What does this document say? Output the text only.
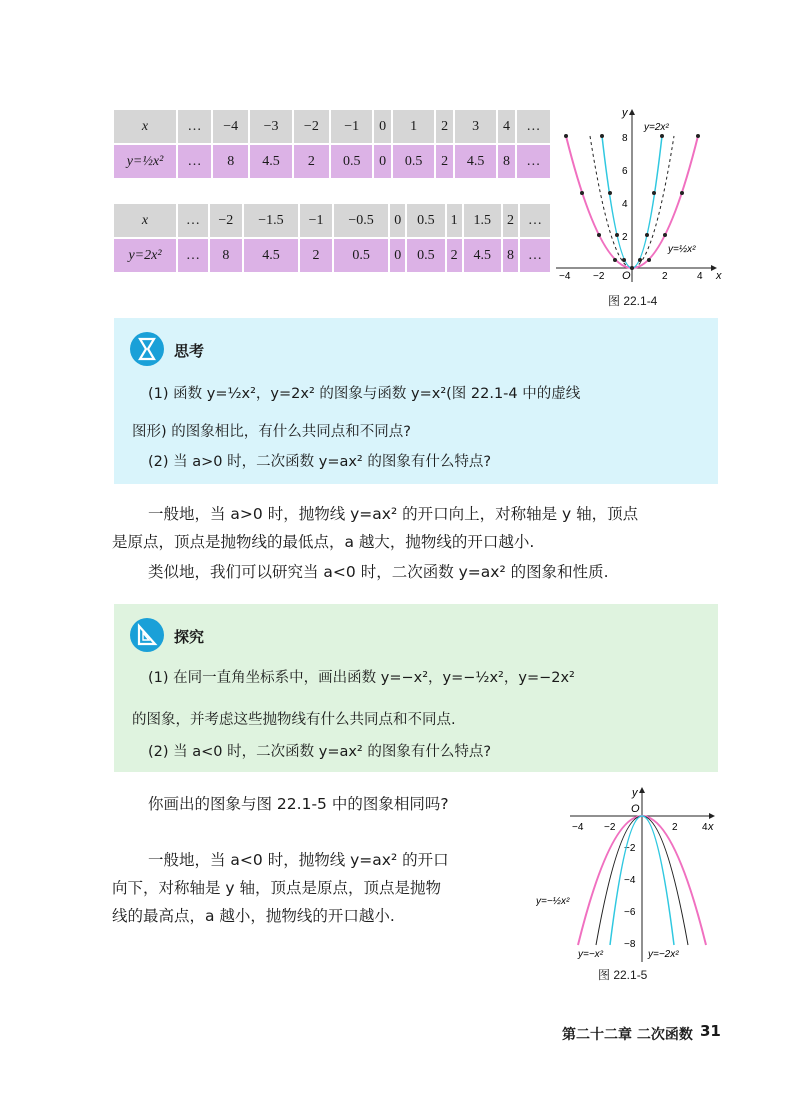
x	…	−4	−3	−2	−1	0	1	2	3	4	…
y=½x²	…	8	4.5	2	0.5	0	0.5	2	4.5	8	…
x	…	−2	−1.5	−1	−0.5	0	0.5	1	1.5	2	…
y=2x²	…	8	4.5	2	0.5	0	0.5	2	4.5	8	…
x
y
O
−4 −2	2	4
2
4
6
8
y=2x²
y=½x²
图 22.1-4
思考
(1) 函数 y=½x²，y=2x² 的图象与函数 y=x²(图 22.1-4 中的虚线
图形) 的图象相比，有什么共同点和不同点?
(2) 当 a>0 时，二次函数 y=ax² 的图象有什么特点?
一般地，当 a>0 时，抛物线 y=ax² 的开口向上，对称轴是 y 轴，顶点
是原点，顶点是抛物线的最低点，a 越大，抛物线的开口越小.
类似地，我们可以研究当 a<0 时，二次函数 y=ax² 的图象和性质.
探究
(1) 在同一直角坐标系中，画出函数 y=−x²，y=−½x²，y=−2x²
的图象，并考虑这些抛物线有什么共同点和不同点.
(2) 当 a<0 时，二次函数 y=ax² 的图象有什么特点?
你画出的图象与图 22.1-5 中的图象相同吗?
一般地，当 a<0 时，抛物线 y=ax² 的开口
向下，对称轴是 y 轴，顶点是原点，顶点是抛物
线的最高点，a 越小，抛物线的开口越小.
x
y
O
−4 −2	2 4
−2
−4
−6
−8
y=−½x²
y=−x²	y=−2x²
图 22.1-5
第二十二章 二次函数 31
